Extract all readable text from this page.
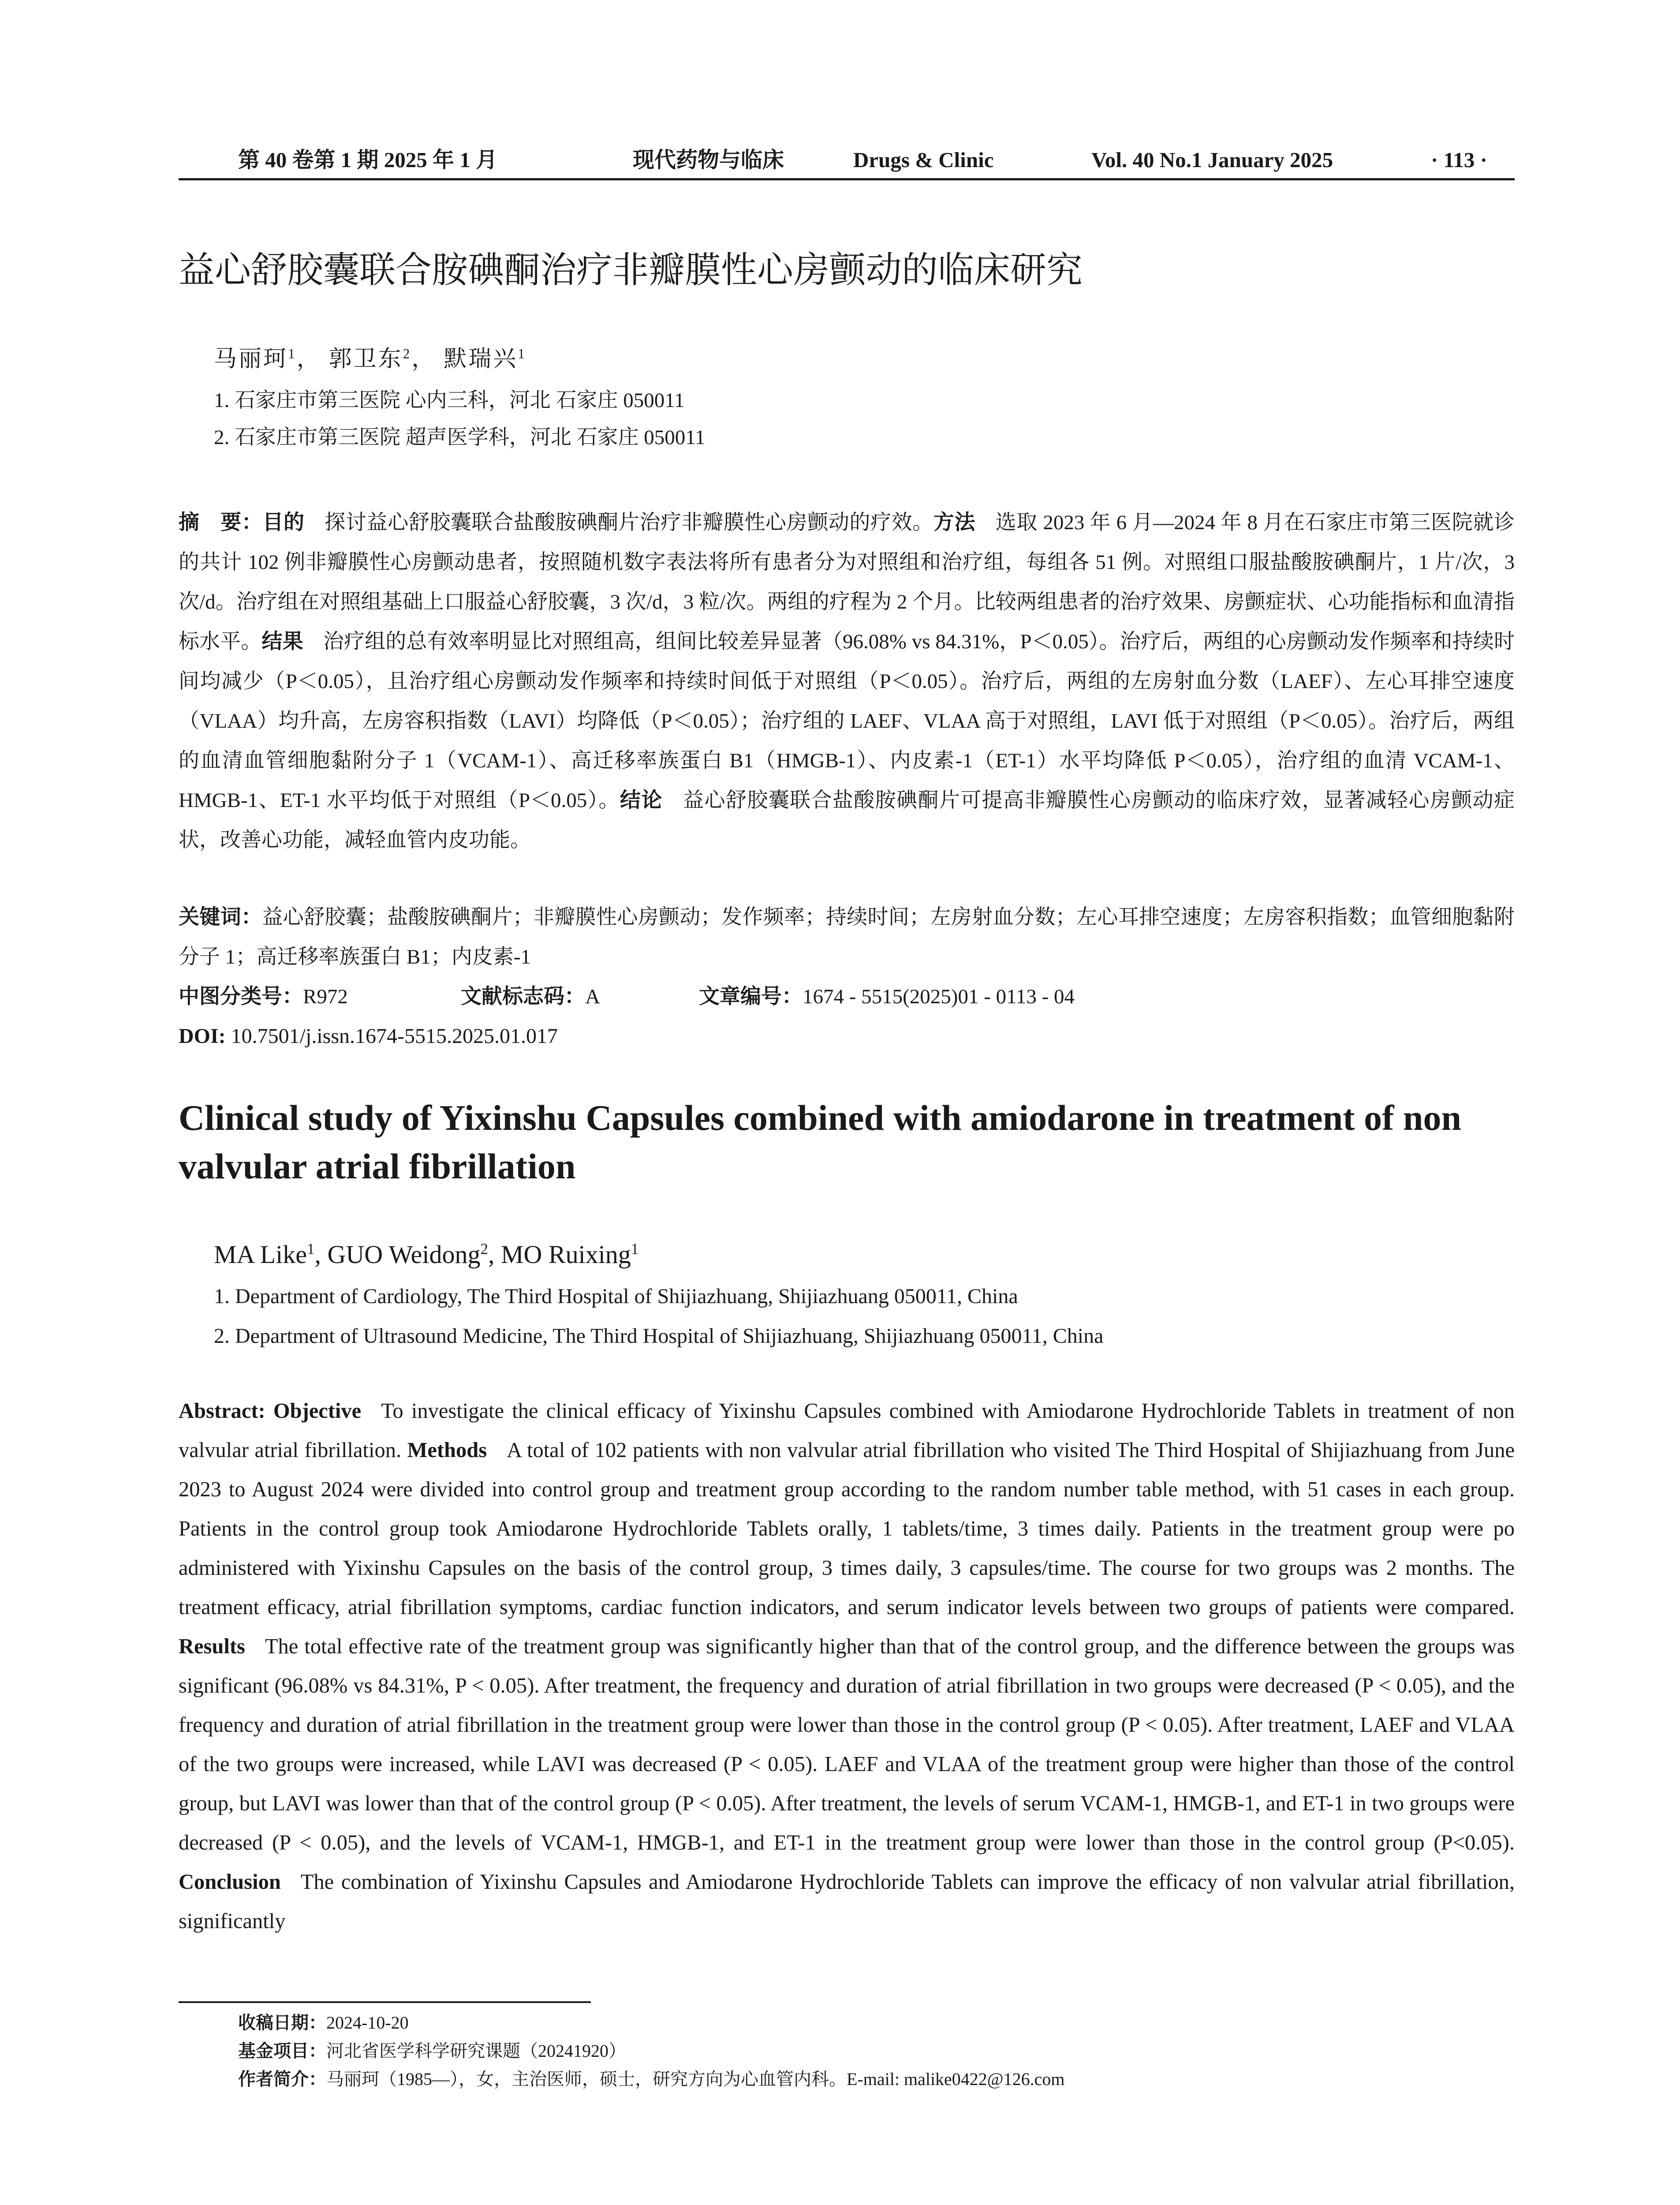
第 40 卷第 1 期 2025 年 1 月	现代药物与临床	Drugs & Clinic	Vol. 40 No.1 January 2025	· 113 ·
益心舒胶囊联合胺碘酮治疗非瓣膜性心房颤动的临床研究
马丽珂$^1$， 郭卫东$^2$， 默瑞兴$^1$
1. 石家庄市第三医院 心内三科，河北 石家庄 050011
2. 石家庄市第三医院 超声医学科，河北 石家庄 050011
摘　要：目的 探讨益心舒胶囊联合盐酸胺碘酮片治疗非瓣膜性心房颤动的疗效。方法 选取 2023 年 6 月—2024 年 8 月在石家庄市第三医院就诊的共计 102 例非瓣膜性心房颤动患者，按照随机数字表法将所有患者分为对照组和治疗组，每组各 51 例。对照组口服盐酸胺碘酮片，1 片/次，3 次/d。治疗组在对照组基础上口服益心舒胶囊，3 次/d，3 粒/次。两组的疗程为 2 个月。比较两组患者的治疗效果、房颤症状、心功能指标和血清指标水平。结果 治疗组的总有效率明显比对照组高，组间比较差异显著（96.08% vs 84.31%，P＜0.05）。治疗后，两组的心房颤动发作频率和持续时间均减少（P＜0.05），且治疗组心房颤动发作频率和持续时间低于对照组（P＜0.05）。治疗后，两组的左房射血分数（LAEF）、左心耳排空速度（VLAA）均升高，左房容积指数（LAVI）均降低（P＜0.05）；治疗组的 LAEF、VLAA 高于对照组，LAVI 低于对照组（P＜0.05）。治疗后，两组的血清血管细胞黏附分子 1（VCAM-1）、高迁移率族蛋白 B1（HMGB-1）、内皮素-1（ET-1）水平均降低 P＜0.05），治疗组的血清 VCAM-1、HMGB-1、ET-1 水平均低于对照组（P＜0.05）。结论 益心舒胶囊联合盐酸胺碘酮片可提高非瓣膜性心房颤动的临床疗效，显著减轻心房颤动症状，改善心功能，减轻血管内皮功能。
关键词：益心舒胶囊；盐酸胺碘酮片；非瓣膜性心房颤动；发作频率；持续时间；左房射血分数；左心耳排空速度；左房容积指数；血管细胞黏附分子 1；高迁移率族蛋白 B1；内皮素-1
中图分类号： R972	文献标志码： A	文章编号： 1674 - 5515(2025)01 - 0113 - 04
DOI: 10.7501/j.issn.1674-5515.2025.01.017
Clinical study of Yixinshu Capsules combined with amiodarone in treatment of non valvular atrial fibrillation
MA Like$^1$, GUO Weidong$^2$, MO Ruixing$^1$
1. Department of Cardiology, The Third Hospital of Shijiazhuang, Shijiazhuang 050011, China
2. Department of Ultrasound Medicine, The Third Hospital of Shijiazhuang, Shijiazhuang 050011, China
Abstract: Objective To investigate the clinical efficacy of Yixinshu Capsules combined with Amiodarone Hydrochloride Tablets in treatment of non valvular atrial fibrillation. Methods A total of 102 patients with non valvular atrial fibrillation who visited The Third Hospital of Shijiazhuang from June 2023 to August 2024 were divided into control group and treatment group according to the random number table method, with 51 cases in each group. Patients in the control group took Amiodarone Hydrochloride Tablets orally, 1 tablets/time, 3 times daily. Patients in the treatment group were po administered with Yixinshu Capsules on the basis of the control group, 3 times daily, 3 capsules/time. The course for two groups was 2 months. The treatment efficacy, atrial fibrillation symptoms, cardiac function indicators, and serum indicator levels between two groups of patients were compared. Results The total effective rate of the treatment group was significantly higher than that of the control group, and the difference between the groups was significant (96.08% vs 84.31%, P < 0.05). After treatment, the frequency and duration of atrial fibrillation in two groups were decreased (P < 0.05), and the frequency and duration of atrial fibrillation in the treatment group were lower than those in the control group (P < 0.05). After treatment, LAEF and VLAA of the two groups were increased, while LAVI was decreased (P < 0.05). LAEF and VLAA of the treatment group were higher than those of the control group, but LAVI was lower than that of the control group (P < 0.05). After treatment, the levels of serum VCAM-1, HMGB-1, and ET-1 in two groups were decreased (P < 0.05), and the levels of VCAM-1, HMGB-1, and ET-1 in the treatment group were lower than those in the control group (P<0.05). Conclusion The combination of Yixinshu Capsules and Amiodarone Hydrochloride Tablets can improve the efficacy of non valvular atrial fibrillation, significantly
收稿日期：2024-10-20
基金项目：河北省医学科学研究课题（20241920）
作者简介：马丽珂（1985—），女，主治医师，硕士，研究方向为心血管内科。E-mail: malike0422@126.com
